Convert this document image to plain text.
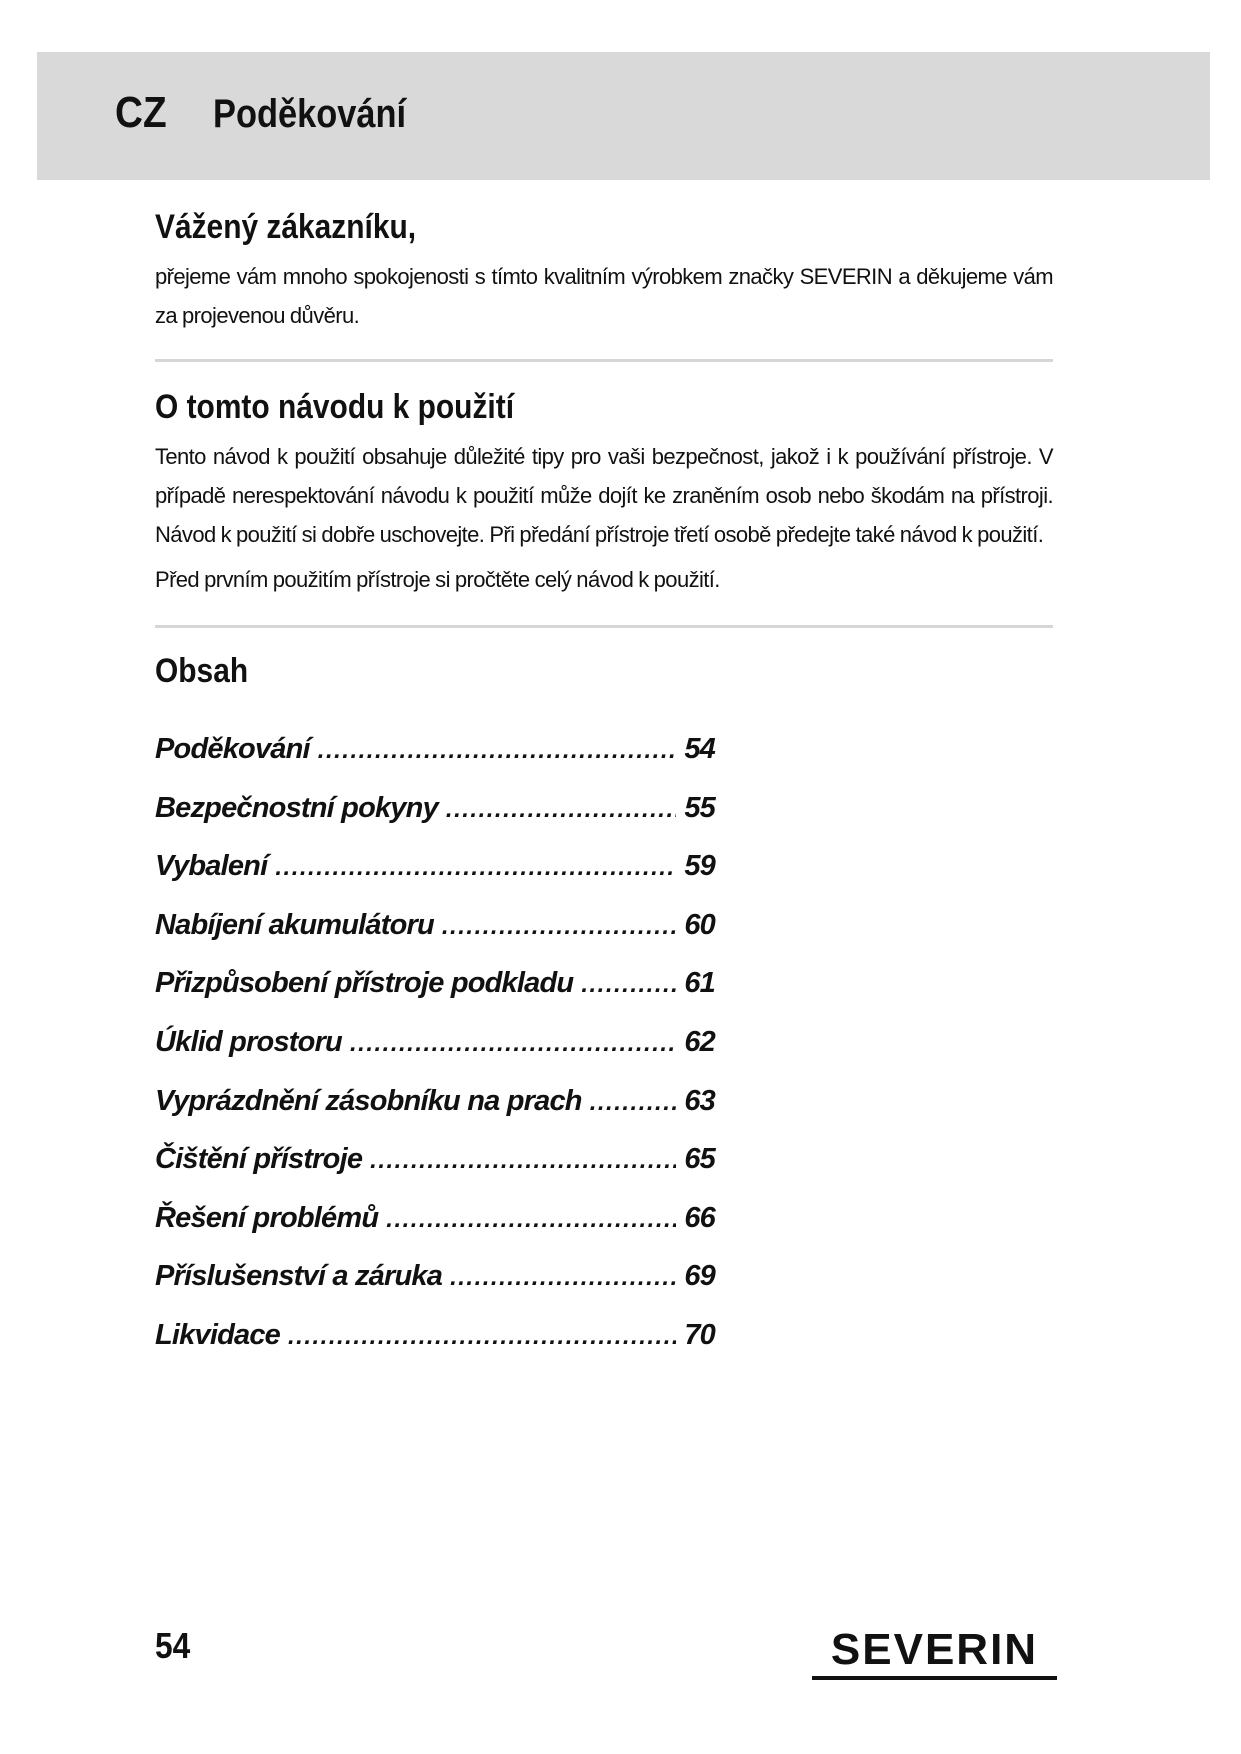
CZ Poděkování
Vážený zákazníku,

přejeme vám mnoho spokojenosti s tímto kvalitním výrobkem značky SEVERIN a děkujeme vám za projevenou důvěru.

O tomto návodu k použití

Tento návod k použití obsahuje důležité tipy pro vaši bezpečnost, jakož i k používání přístroje. V případě nerespektování návodu k použití může dojít ke zraněním osob nebo škodám na přístroji. Návod k použití si dobře uschovejte. Při předání přístroje třetí osobě předejte také návod k použití.

Před prvním použitím přístroje si pročtěte celý návod k použití.

Obsah
Poděkování .....	54
Bezpečnostní pokyny .....	55
Vybalení .....	59
Nabíjení akumulátoru .....	60
Přizpůsobení přístroje podkladu .....	61
Úklid prostoru .....	62
Vyprázdnění zásobníku na prach .....	63
Čištění přístroje .....	65
Řešení problémů .....	66
Příslušenství a záruka .....	69
Likvidace .....	70
54	SEVERIN
